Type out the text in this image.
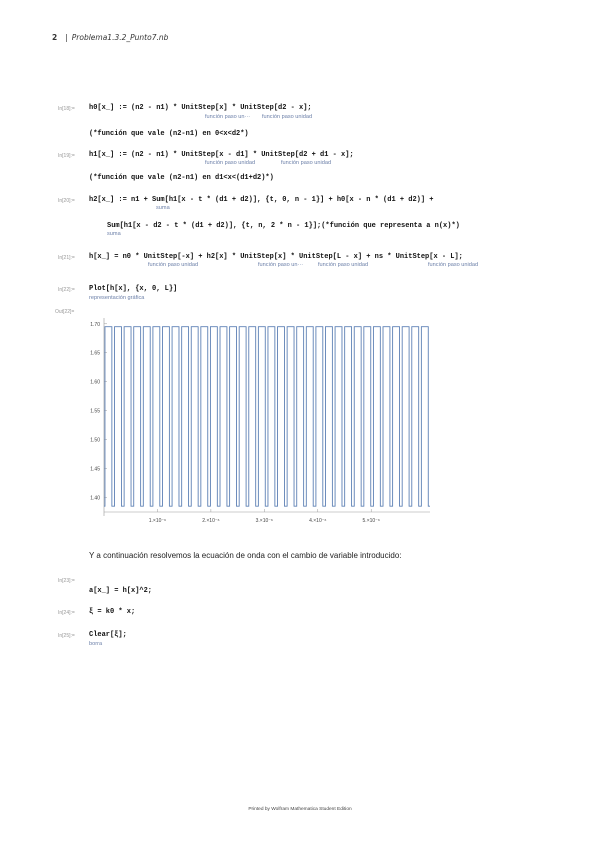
2 | Problema1.3.2_Punto7.nb
In[18]:= h0[x_] := (n2 - n1) * UnitStep[x] * UnitStep[d2 - x];
función paso un··· función paso unidad
(*función que vale (n2-n1) en 0<x<d2*)
In[19]:= h1[x_] := (n2 - n1) * UnitStep[x - d1] * UnitStep[d2 + d1 - x];
función paso unidad	función paso unidad
(*función que vale (n2-n1) en d1<x<(d1+d2)*)
In[20]:= h2[x_] := n1 + Sum[h1[x - t * (d1 + d2)], {t, 0, n - 1}] + h0[x - n * (d1 + d2)] +
suma
Sum[h1[x - d2 - t * (d1 + d2)], {t, n, 2 * n - 1}];(*función que representa a n(x)*)
suma
In[21]:= h[x_] = n0 * UnitStep[-x] + h2[x] * UnitStep[x] * UnitStep[L - x] + ns * UnitStep[x - L];
función paso unidad	función paso un···	función paso unidad	función paso unidad
In[22]:= Plot[h[x], {x, 0, L}]
representación gráfica
Out[22]=
1.40
1.45
1.50
1.55
1.60
1.65
1.70
1.×10⁻⁶	2.×10⁻⁶	3.×10⁻⁶	4.×10⁻⁶	5.×10⁻⁶
Y a continuación resolvemos la ecuación de onda con el cambio de variable introducido:
In[23]:=
a[x_] = h[x]^2;
In[24]:= ξ = k0 * x;
In[25]:= Clear[ξ];
borra
Printed by Wolfram Mathematica Student Edition
